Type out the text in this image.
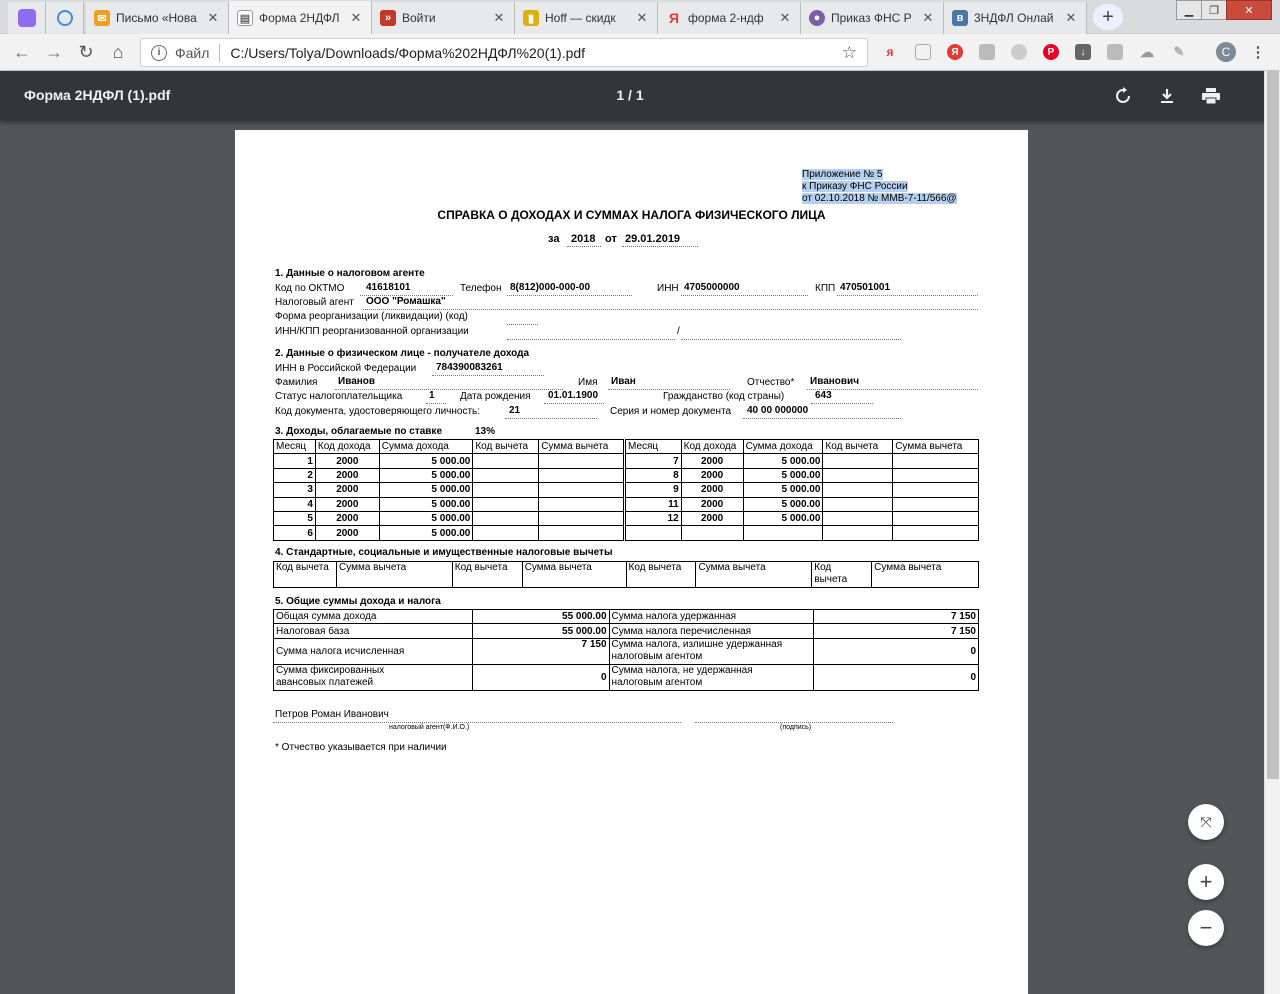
✉ Письмо «Нова ✕ ▤ Форма 2НДФЛ ✕	» Войти	✕	▮ Hoff — скидк	✕ Я форма 2-ндф	✕	● Приказ ФНС Р ✕	в 3НДФЛ Онлай ✕ +	▁ ❐ ✕
← → ↻ ⌂	i	Файл C:/Users/Tolya/Downloads/Форма%202НДФЛ%20(1).pdf	☆	я	Я	P	↓	☁ ✎	C	⋮
Форма 2НДФЛ (1).pdf	1 / 1
Приложение № 5
к Приказу ФНС России
от 02.10.2018 № ММВ-7-11/566@
СПРАВКА О ДОХОДАХ И СУММАХ НАЛОГА ФИЗИЧЕСКОГО ЛИЦА
за 2018 от 29.01.2019
1. Данные о налоговом агенте
Код по ОКТМО 41618101	Телефон 8(812)000-000-00	ИНН 4705000000	КПП 470501001
Налоговый агент ООО "Ромашка"
Форма реорганизации (ликвидации) (код)
ИНН/КПП реорганизованной организации	/
2. Данные о физическом лице - получателе дохода
ИНН в Российской Федерации 784390083261
Фамилия Иванов	Имя Иван	Отчество* Иванович
Статус налогоплательщика	1	Дата рождения 01.01.1900	Гражданство (код страны)	643
Код документа, удостоверяющего личность:	21	Серия и номер документа 40 00 000000
3. Доходы, облагаемые по ставке	13%
Месяц	Код дохода	Сумма дохода	Код вычета	Сумма вычета
1	2000	5 000.00		
2	2000	5 000.00		
3	2000	5 000.00		
4	2000	5 000.00		
5	2000	5 000.00		
6	2000	5 000.00		
Месяц	Код дохода	Сумма дохода	Код вычета	Сумма вычета
7	2000	5 000.00		
8	2000	5 000.00		
9	2000	5 000.00		
11	2000	5 000.00		
12	2000	5 000.00		

4. Стандартные, социальные и имущественные налоговые вычеты
Код вычета	Сумма вычета	Код вычета	Сумма вычета	Код вычета	Сумма вычета	Код
вычета	Сумма вычета
5. Общие суммы дохода и налога
Общая сумма дохода	55 000.00	Сумма налога удержанная	7 150
Налоговая база	55 000.00	Сумма налога перечисленная	7 150
Сумма налога исчисленная	7 150	Сумма налога, излишне удержанная
налоговым агентом	0
Сумма фиксированных
авансовых платежей	0	Сумма налога, не удержанная
налоговым агентом	0
Петров Роман Иванович
налоговый агент(Ф.И.О.)	(подпись)
* Отчество указывается при наличии
⤧
+
−
